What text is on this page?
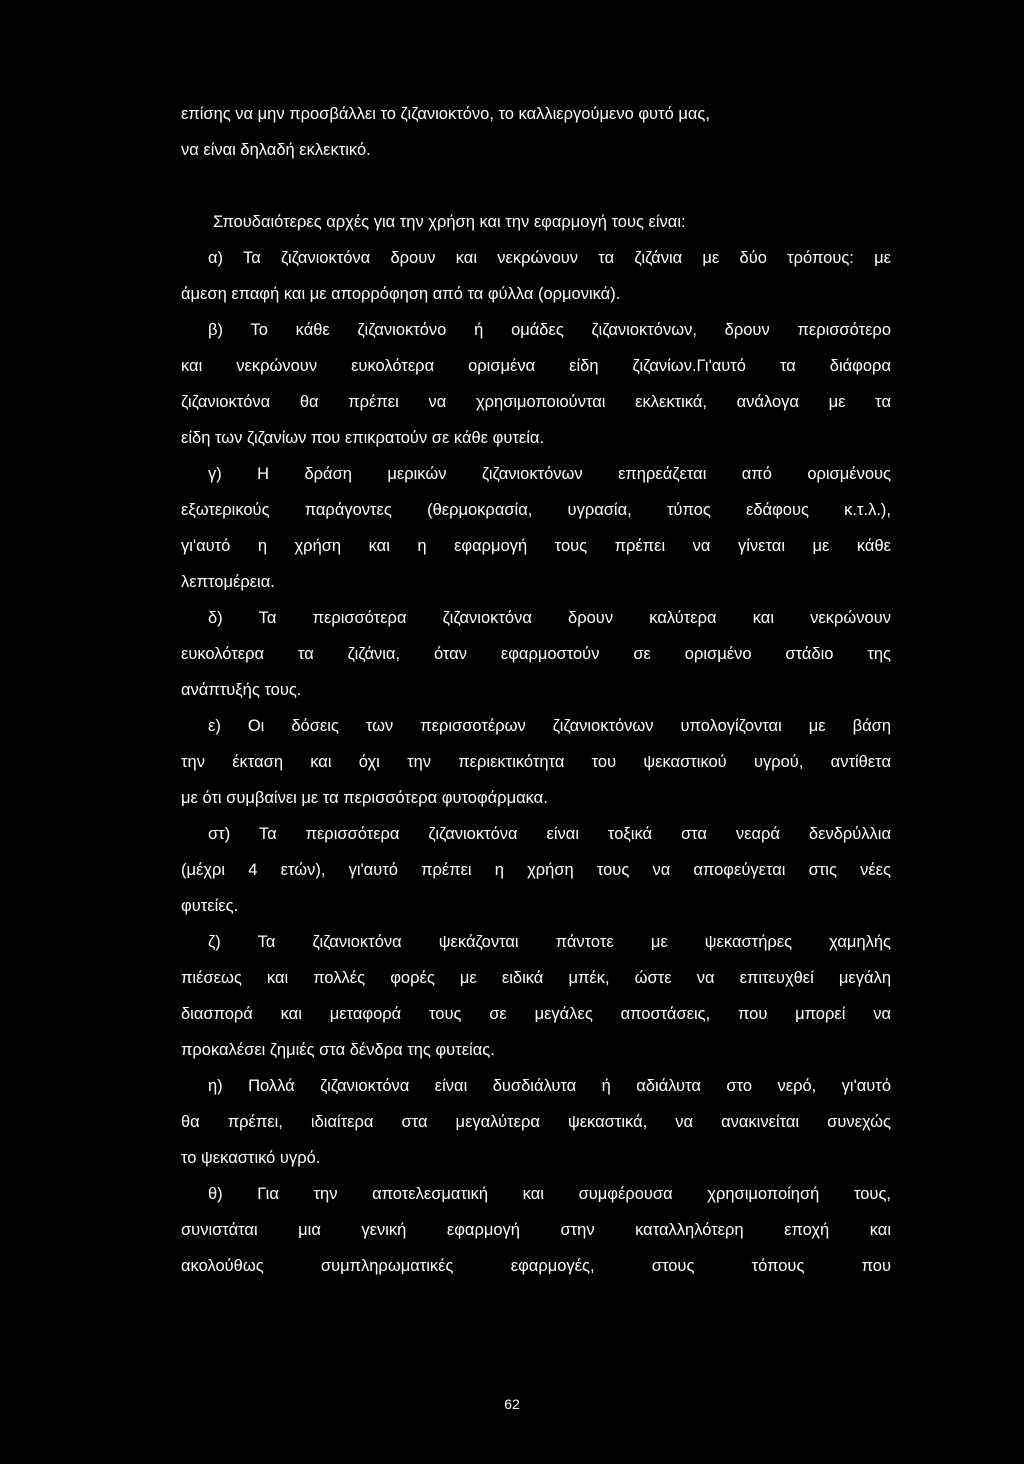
επίσης να μην προσβάλλει το ζιζανιοκτόνο, το καλλιεργούμενο φυτό μας,
να είναι δηλαδή εκλεκτικό.
Σπουδαιότερες αρχές για την χρήση και την εφαρμογή τους είναι:
α) Τα ζιζανιοκτόνα δρουν και νεκρώνουν τα ζιζάνια με δύο τρόπους: με
άμεση επαφή και με απορρόφηση από τα φύλλα (ορμονικά).
β) Το κάθε ζιζανιοκτόνο ή ομάδες ζιζανιοκτόνων, δρουν περισσότερο
και νεκρώνουν ευκολότερα ορισμένα είδη ζιζανίων.Γι'αυτό τα διάφορα
ζιζανιοκτόνα θα πρέπει να χρησιμοποιούνται εκλεκτικά, ανάλογα με τα
είδη των ζιζανίων που επικρατούν σε κάθε φυτεία.
γ) Η δράση μερικών ζιζανιοκτόνων επηρεάζεται από ορισμένους
εξωτερικούς παράγοντες (θερμοκρασία, υγρασία, τύπος εδάφους κ.τ.λ.),
γι'αυτό η χρήση και η εφαρμογή τους πρέπει να γίνεται με κάθε
λεπτομέρεια.
δ) Τα περισσότερα ζιζανιοκτόνα δρουν καλύτερα και νεκρώνουν
ευκολότερα τα ζιζάνια, όταν εφαρμοστούν σε ορισμένο στάδιο της
ανάπτυξής τους.
ε) Οι δόσεις των περισσοτέρων ζιζανιοκτόνων υπολογίζονται με βάση
την έκταση και όχι την περιεκτικότητα του ψεκαστικού υγρού, αντίθετα
με ότι συμβαίνει με τα περισσότερα φυτοφάρμακα.
στ) Τα περισσότερα ζιζανιοκτόνα είναι τοξικά στα νεαρά δενδρύλλια
(μέχρι 4 ετών), γι'αυτό πρέπει η χρήση τους να αποφεύγεται στις νέες
φυτείες.
ζ) Τα ζιζανιοκτόνα ψεκάζονται πάντοτε με ψεκαστήρες χαμηλής
πιέσεως και πολλές φορές με ειδικά μπέκ, ώστε να επιτευχθεί μεγάλη
διασπορά και μεταφορά τους σε μεγάλες αποστάσεις, που μπορεί να
προκαλέσει ζημιές στα δένδρα της φυτείας.
η) Πολλά ζιζανιοκτόνα είναι δυσδιάλυτα ή αδιάλυτα στο νερό, γι'αυτό
θα πρέπει, ιδιαίτερα στα μεγαλύτερα ψεκαστικά, να ανακινείται συνεχώς
το ψεκαστικό υγρό.
θ) Για την αποτελεσματική και συμφέρουσα χρησιμοποίησή τους,
συνιστάται μια γενική εφαρμογή στην καταλληλότερη εποχή και
ακολούθως συμπληρωματικές εφαρμογές, στους τόπους που
62
